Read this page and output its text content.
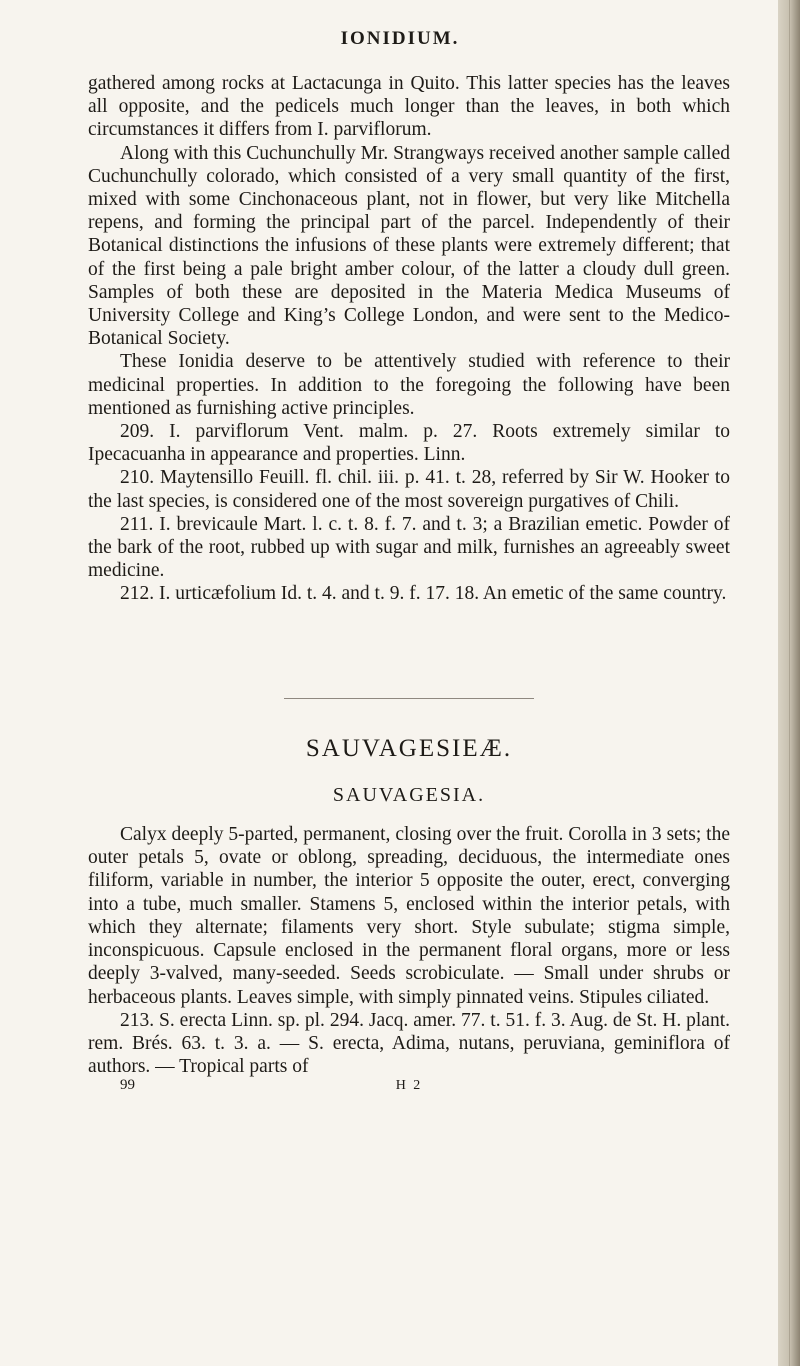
IONIDIUM.

gathered among rocks at Lactacunga in Quito. This latter species has the leaves all opposite, and the pedicels much longer than the leaves, in both which circumstances it differs from I. parviflorum.

Along with this Cuchunchully Mr. Strangways received another sample called Cuchunchully colorado, which consisted of a very small quantity of the first, mixed with some Cinchonaceous plant, not in flower, but very like Mitchella repens, and forming the principal part of the parcel. Independently of their Botanical distinctions the infusions of these plants were extremely different; that of the first being a pale bright amber colour, of the latter a cloudy dull green. Samples of both these are deposited in the Materia Medica Museums of University College and King’s College London, and were sent to the Medico-Botanical Society.

These Ionidia deserve to be attentively studied with reference to their medicinal properties. In addition to the foregoing the following have been mentioned as furnishing active principles.

209. I. parviflorum Vent. malm. p. 27. Roots extremely similar to Ipecacuanha in appearance and properties. Linn.

210. Maytensillo Feuill. fl. chil. iii. p. 41. t. 28, referred by Sir W. Hooker to the last species, is considered one of the most sovereign purgatives of Chili.

211. I. brevicaule Mart. l. c. t. 8. f. 7. and t. 3; a Brazilian emetic. Powder of the bark of the root, rubbed up with sugar and milk, furnishes an agreeably sweet medicine.

212. I. urticæfolium Id. t. 4. and t. 9. f. 17. 18. An emetic of the same country.

SAUVAGESIEÆ.
SAUVAGESIA.

Calyx deeply 5-parted, permanent, closing over the fruit. Corolla in 3 sets; the outer petals 5, ovate or oblong, spreading, deciduous, the intermediate ones filiform, variable in number, the interior 5 opposite the outer, erect, converging into a tube, much smaller. Stamens 5, enclosed within the interior petals, with which they alternate; filaments very short. Style subulate; stigma simple, inconspicuous. Capsule enclosed in the permanent floral organs, more or less deeply 3-valved, many-seeded. Seeds scrobiculate. — Small under shrubs or herbaceous plants. Leaves simple, with simply pinnated veins. Stipules ciliated.

213. S. erecta Linn. sp. pl. 294. Jacq. amer. 77. t. 51. f. 3. Aug. de St. H. plant. rem. Brés. 63. t. 3. a. — S. erecta, Adima, nutans, peruviana, geminiflora of authors. — Tropical parts of

99	H 2
